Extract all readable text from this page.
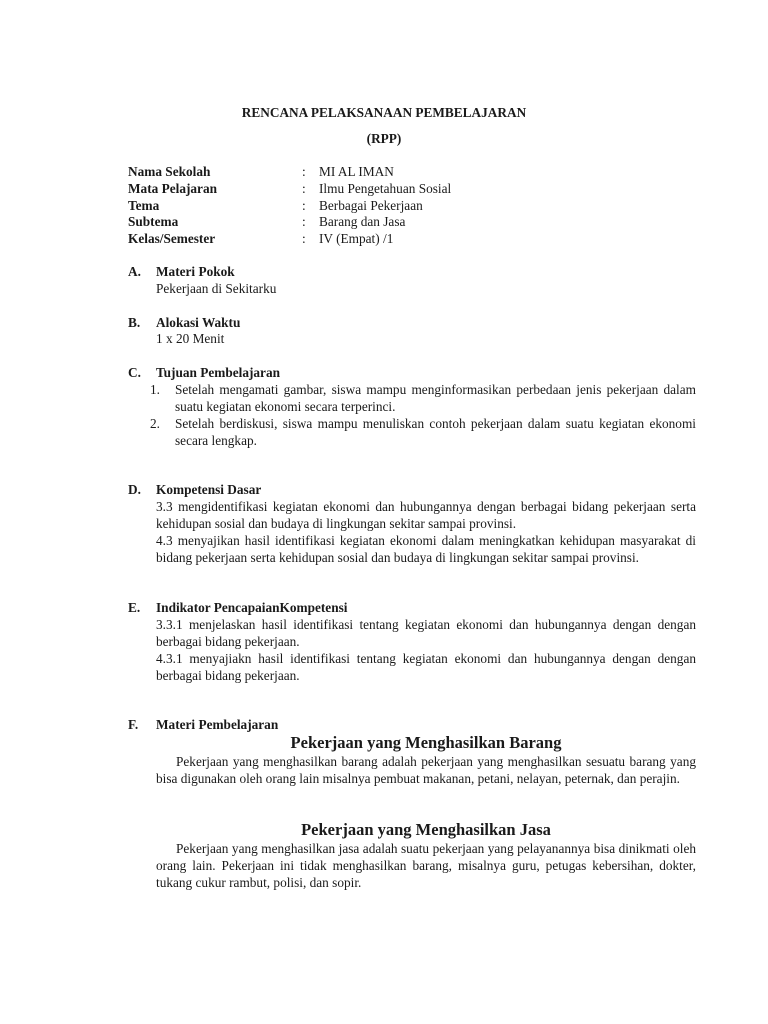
RENCANA PELAKSANAAN PEMBELAJARAN
(RPP)
Nama Sekolah	: MI AL IMAN
Mata Pelajaran	: Ilmu Pengetahuan Sosial
Tema	: Berbagai Pekerjaan
Subtema	: Barang dan Jasa
Kelas/Semester	: IV (Empat) /1
A. Materi Pokok
Pekerjaan di Sekitarku
B. Alokasi Waktu
1 x 20 Menit
C. Tujuan Pembelajaran
1. Setelah mengamati gambar, siswa mampu menginformasikan perbedaan jenis pekerjaan dalam suatu kegiatan ekonomi secara terperinci.
2. Setelah berdiskusi, siswa mampu menuliskan contoh pekerjaan dalam suatu kegiatan ekonomi secara lengkap.
D. Kompetensi Dasar
3.3 mengidentifikasi kegiatan ekonomi dan hubungannya dengan berbagai bidang pekerjaan serta kehidupan sosial dan budaya di lingkungan sekitar sampai provinsi.
4.3 menyajikan hasil identifikasi kegiatan ekonomi dalam meningkatkan kehidupan masyarakat di bidang pekerjaan serta kehidupan sosial dan budaya di lingkungan sekitar sampai provinsi.
E. Indikator PencapaianKompetensi
3.3.1 menjelaskan hasil identifikasi tentang kegiatan ekonomi dan hubungannya dengan dengan berbagai bidang pekerjaan.
4.3.1 menyajiakn hasil identifikasi tentang kegiatan ekonomi dan hubungannya dengan dengan berbagai bidang pekerjaan.
F. Materi Pembelajaran
Pekerjaan yang Menghasilkan Barang
Pekerjaan yang menghasilkan barang adalah pekerjaan yang menghasilkan sesuatu barang yang bisa digunakan oleh orang lain misalnya pembuat makanan, petani, nelayan, peternak, dan perajin.
Pekerjaan yang Menghasilkan Jasa
Pekerjaan yang menghasilkan jasa adalah suatu pekerjaan yang pelayanannya bisa dinikmati oleh orang lain. Pekerjaan ini tidak menghasilkan barang, misalnya guru, petugas kebersihan, dokter, tukang cukur rambut, polisi, dan sopir.
